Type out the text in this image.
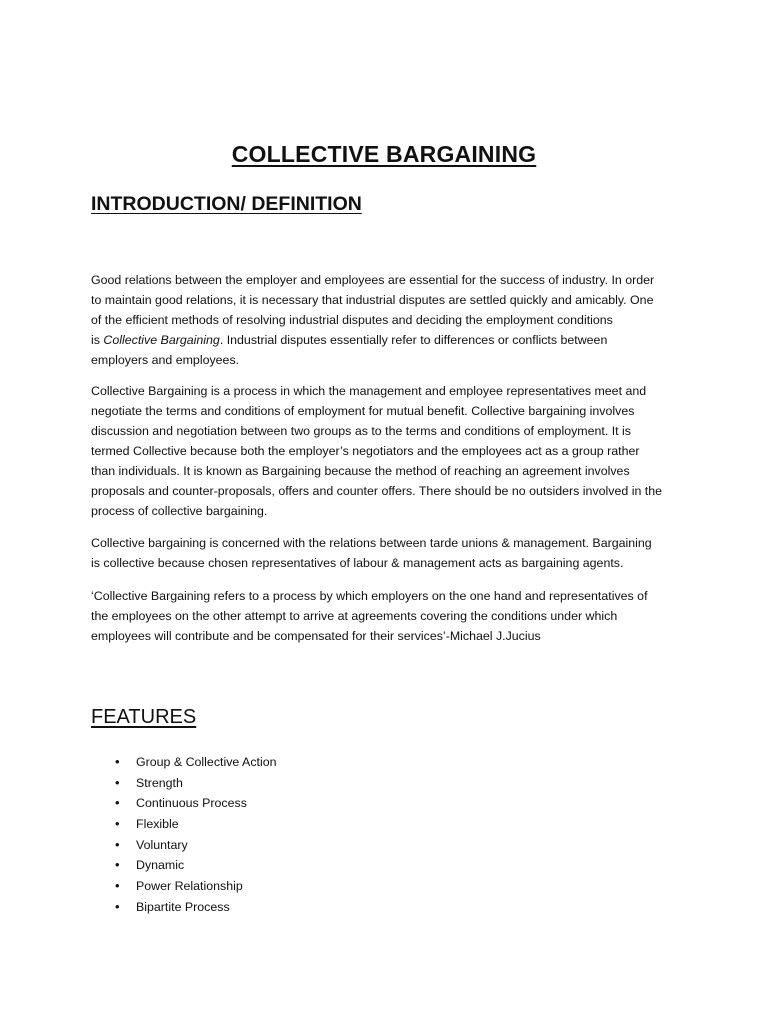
COLLECTIVE BARGAINING
INTRODUCTION/ DEFINITION

Good relations between the employer and employees are essential for the success of industry. In order
to maintain good relations, it is necessary that industrial disputes are settled quickly and amicably. One
of the efficient methods of resolving industrial disputes and deciding the employment conditions
is Collective Bargaining. Industrial disputes essentially refer to differences or conflicts between
employers and employees.

Collective Bargaining is a process in which the management and employee representatives meet and
negotiate the terms and conditions of employment for mutual benefit. Collective bargaining involves
discussion and negotiation between two groups as to the terms and conditions of employment. It is
termed Collective because both the employer’s negotiators and the employees act as a group rather
than individuals. It is known as Bargaining because the method of reaching an agreement involves
proposals and counter-proposals, offers and counter offers. There should be no outsiders involved in the
process of collective bargaining.

Collective bargaining is concerned with the relations between tarde unions & management. Bargaining
is collective because chosen representatives of labour & management acts as bargaining agents.

‘Collective Bargaining refers to a process by which employers on the one hand and representatives of
the employees on the other attempt to arrive at agreements covering the conditions under which
employees will contribute and be compensated for their services’-Michael J.Jucius

FEATURES
• Group & Collective Action
• Strength
• Continuous Process
• Flexible
• Voluntary
• Dynamic
• Power Relationship
• Bipartite Process
